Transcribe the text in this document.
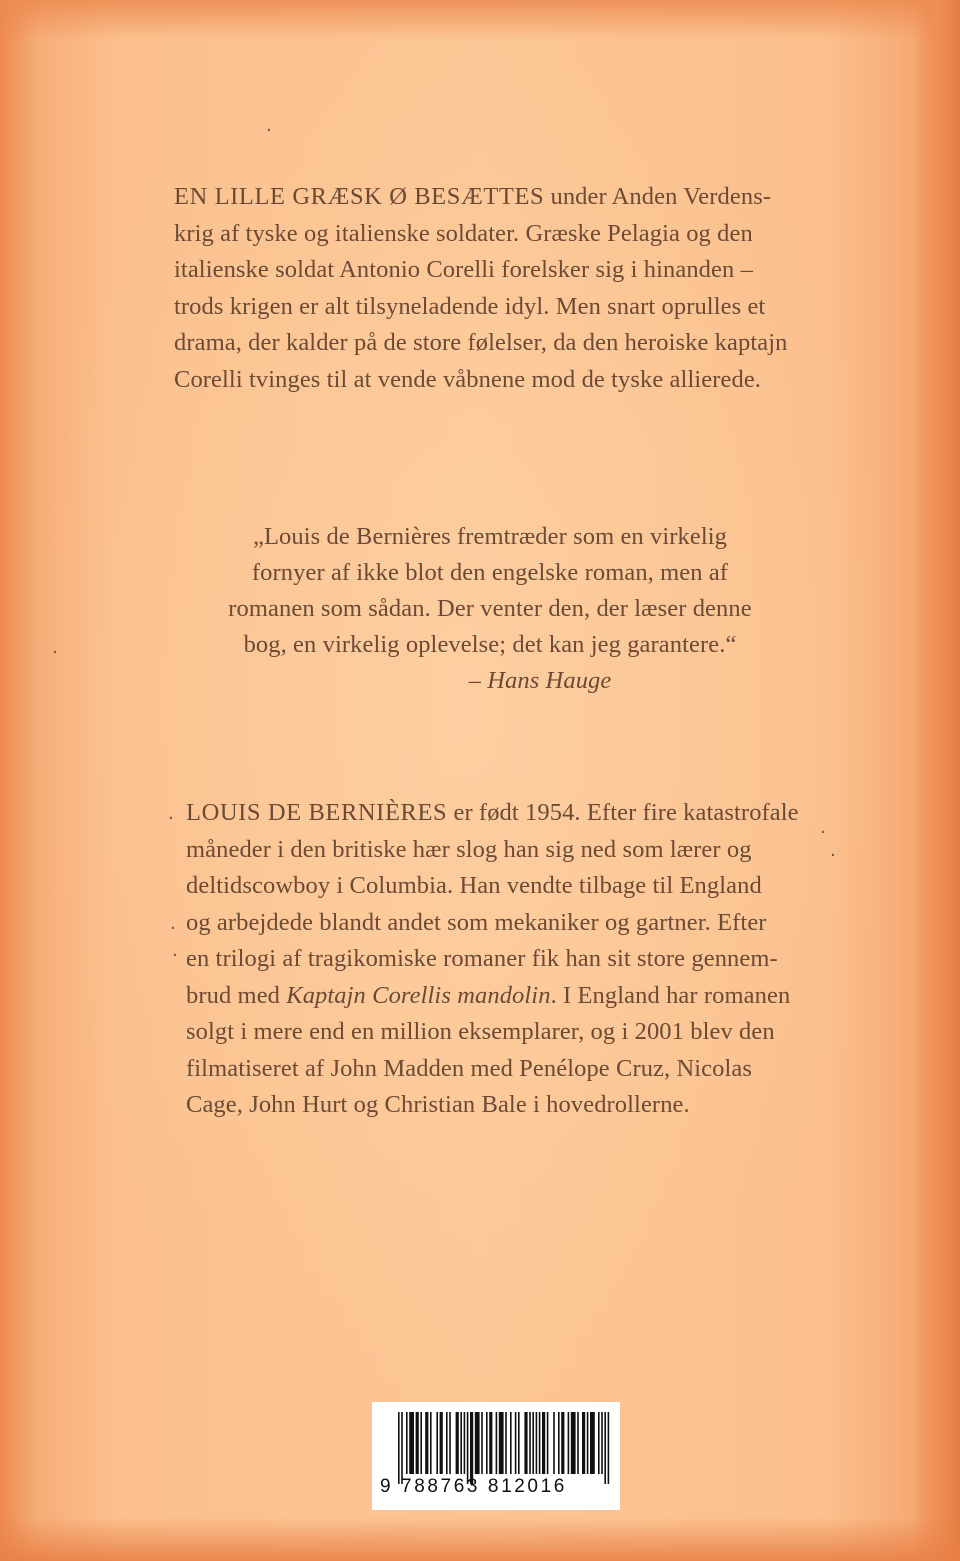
·
·
·
·
·
·
·
EN LILLE GRÆSK Ø BESÆTTES under Anden Verdens-
krig af tyske og italienske soldater. Græske Pelagia og den
italienske soldat Antonio Corelli forelsker sig i hinanden –
trods krigen er alt tilsyneladende idyl. Men snart oprulles et
drama, der kalder på de store følelser, da den heroiske kaptajn
Corelli tvinges til at vende våbnene mod de tyske allierede.
„Louis de Bernières fremtræder som en virkelig
fornyer af ikke blot den engelske roman, men af
romanen som sådan. Der venter den, der læser denne
bog, en virkelig oplevelse; det kan jeg garantere.“
– Hans Hauge
LOUIS DE BERNIÈRES er født 1954. Efter fire katastrofale
måneder i den britiske hær slog han sig ned som lærer og
deltidscowboy i Columbia. Han vendte tilbage til England
og arbejdede blandt andet som mekaniker og gartner. Efter
en trilogi af tragikomiske romaner fik han sit store gennem-
brud med Kaptajn Corellis mandolin. I England har romanen
solgt i mere end en million eksemplarer, og i 2001 blev den
filmatiseret af John Madden med Penélope Cruz, Nicolas
Cage, John Hurt og Christian Bale i hovedrollerne.
9 788763 812016
